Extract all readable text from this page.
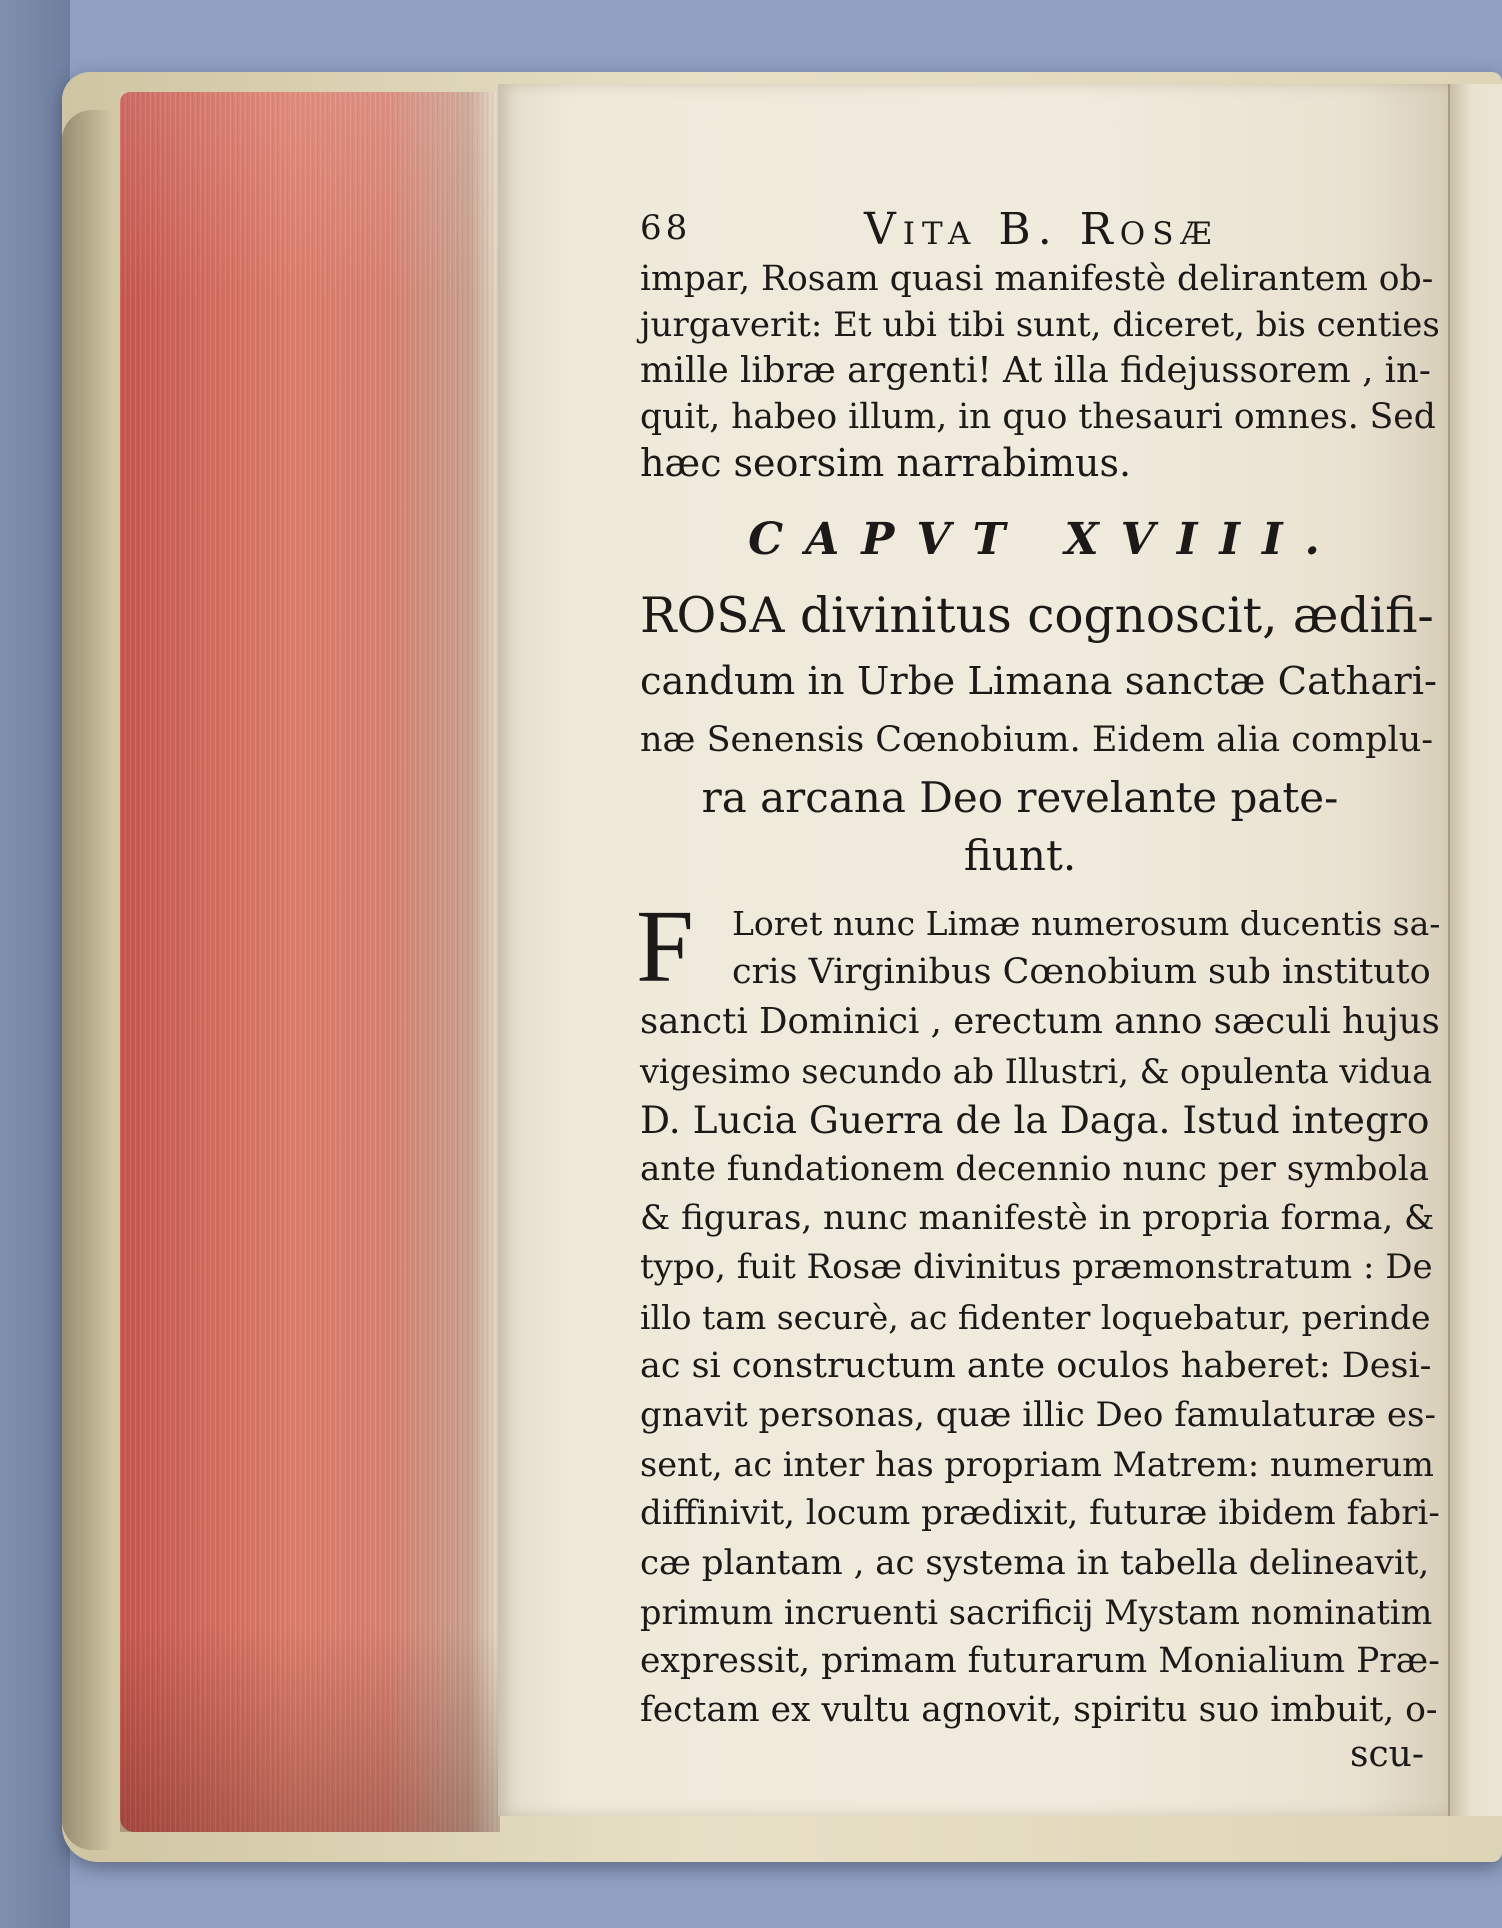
68	Vita B. Rosæ
impar, Rosam quasi manifestè delirantem ob-
jurgaverit: Et ubi tibi sunt, diceret, bis centies
mille libræ argenti! At illa fidejussorem , in-
quit, habeo illum, in quo thesauri omnes. Sed
hæc seorsim narrabimus.
CAPVT XVIII.
ROSA divinitus cognoscit, ædifi-
candum in Urbe Limana sanctæ Cathari-
næ Senensis Cœnobium. Eidem alia complu-
ra arcana Deo revelante pate-
fiunt.
F	Loret nunc Limæ numerosum ducentis sa-
cris Virginibus Cœnobium sub instituto
sancti Dominici , erectum anno sæculi hujus
vigesimo secundo ab Illustri, & opulenta vidua
D. Lucia Guerra de la Daga. Istud integro
ante fundationem decennio nunc per symbola
& figuras, nunc manifestè in propria forma, &
typo, fuit Rosæ divinitus præmonstratum : De
illo tam securè, ac fidenter loquebatur, perinde
ac si constructum ante oculos haberet: Desi-
gnavit personas, quæ illic Deo famulaturæ es-
sent, ac inter has propriam Matrem: numerum
diffinivit, locum prædixit, futuræ ibidem fabri-
cæ plantam , ac systema in tabella delineavit,
primum incruenti sacrificij Mystam nominatim
expressit, primam futurarum Monialium Præ-
fectam ex vultu agnovit, spiritu suo imbuit, o-
scu-
